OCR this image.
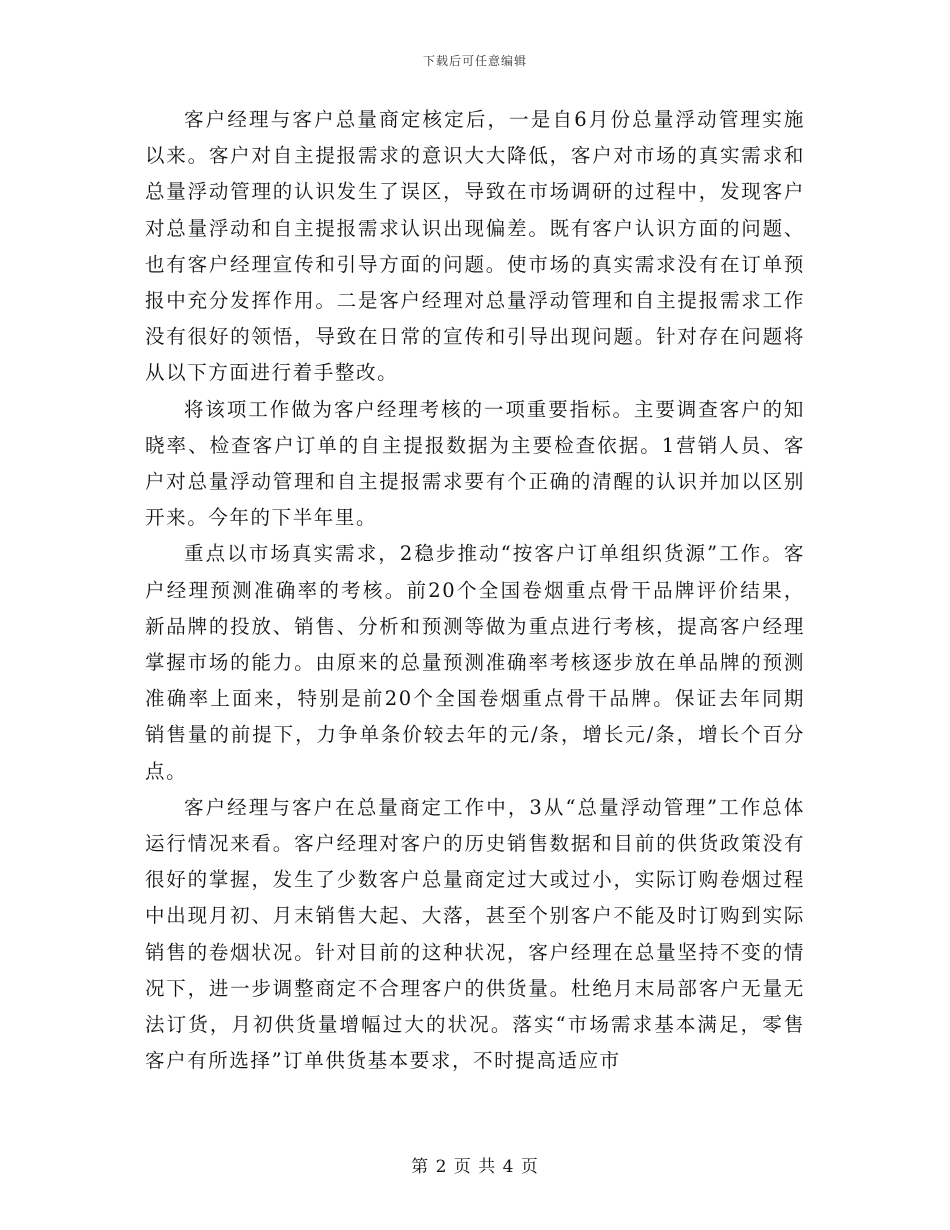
下载后可任意编辑

客户经理与客户总量商定核定后，一是自6月份总量浮动管理实施以来。客户对自主提报需求的意识大大降低，客户对市场的真实需求和总量浮动管理的认识发生了误区，导致在市场调研的过程中，发现客户对总量浮动和自主提报需求认识出现偏差。既有客户认识方面的问题、也有客户经理宣传和引导方面的问题。使市场的真实需求没有在订单预报中充分发挥作用。二是客户经理对总量浮动管理和自主提报需求工作没有很好的领悟，导致在日常的宣传和引导出现问题。针对存在问题将从以下方面进行着手整改。

将该项工作做为客户经理考核的一项重要指标。主要调查客户的知晓率、检查客户订单的自主提报数据为主要检查依据。1营销人员、客户对总量浮动管理和自主提报需求要有个正确的清醒的认识并加以区别开来。今年的下半年里。

重点以市场真实需求，2稳步推动“按客户订单组织货源”工作。客户经理预测准确率的考核。前20个全国卷烟重点骨干品牌评价结果，新品牌的投放、销售、分析和预测等做为重点进行考核，提高客户经理掌握市场的能力。由原来的总量预测准确率考核逐步放在单品牌的预测准确率上面来，特别是前20个全国卷烟重点骨干品牌。保证去年同期销售量的前提下，力争单条价较去年的元/条，增长元/条，增长个百分点。

客户经理与客户在总量商定工作中，3从“总量浮动管理”工作总体运行情况来看。客户经理对客户的历史销售数据和目前的供货政策没有很好的掌握，发生了少数客户总量商定过大或过小，实际订购卷烟过程中出现月初、月末销售大起、大落，甚至个别客户不能及时订购到实际销售的卷烟状况。针对目前的这种状况，客户经理在总量坚持不变的情况下，进一步调整商定不合理客户的供货量。杜绝月末局部客户无量无法订货，月初供货量增幅过大的状况。落实“市场需求基本满足，零售客户有所选择”订单供货基本要求，不时提高适应市

第 2 页 共 4 页
